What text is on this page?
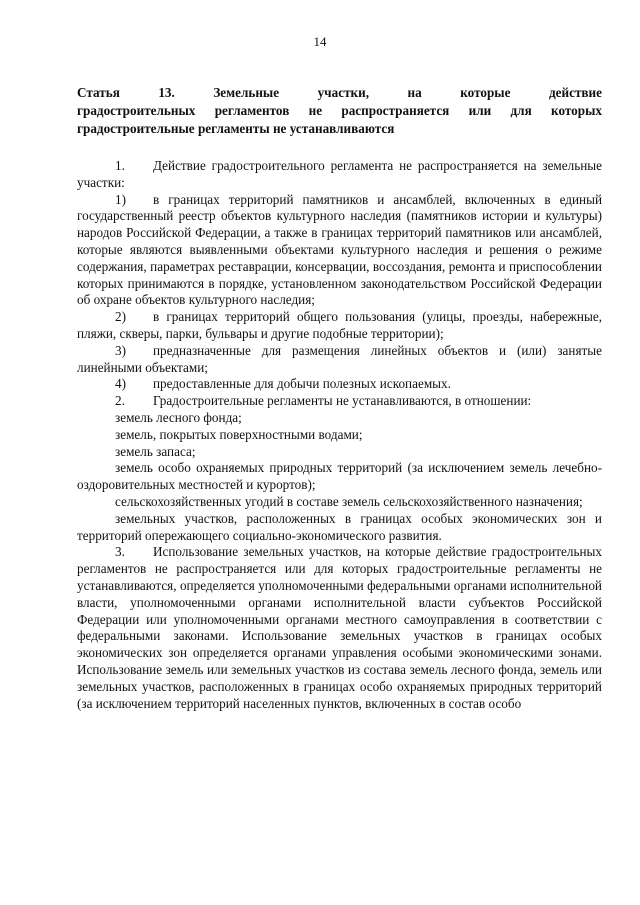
14
Статья 13. Земельные участки, на которые действие
градостроительных регламентов не распространяется или для которых
градостроительные регламенты не устанавливаются

1. Действие градостроительного регламента не распространяется на земельные участки:

1) в границах территорий памятников и ансамблей, включенных в единый государственный реестр объектов культурного наследия (памятников истории и культуры) народов Российской Федерации, а также в границах территорий памятников или ансамблей, которые являются выявленными объектами культурного наследия и решения о режиме содержания, параметрах реставрации, консервации, воссоздания, ремонта и приспособлении которых принимаются в порядке, установленном законодательством Российской Федерации об охране объектов культурного наследия;

2) в границах территорий общего пользования (улицы, проезды, набережные, пляжи, скверы, парки, бульвары и другие подобные территории);

3) предназначенные для размещения линейных объектов и (или) занятые линейными объектами;

4) предоставленные для добычи полезных ископаемых.

2. Градостроительные регламенты не устанавливаются, в отношении:

земель лесного фонда;

земель, покрытых поверхностными водами;

земель запаса;

земель особо охраняемых природных территорий (за исключением земель лечебно-оздоровительных местностей и курортов);

сельскохозяйственных угодий в составе земель сельскохозяйственного назначения;

земельных участков, расположенных в границах особых экономических зон и территорий опережающего социально-экономического развития.

3. Использование земельных участков, на которые действие градостроительных регламентов не распространяется или для которых градостроительные регламенты не устанавливаются, определяется уполномоченными федеральными органами исполнительной власти, уполномоченными органами исполнительной власти субъектов Российской Федерации или уполномоченными органами местного самоуправления в соответствии с федеральными законами. Использование земельных участков в границах особых экономических зон определяется органами управления особыми экономическими зонами. Использование земель или земельных участков из состава земель лесного фонда, земель или земельных участков, расположенных в границах особо охраняемых природных территорий (за исключением территорий населенных пунктов, включенных в состав особо
